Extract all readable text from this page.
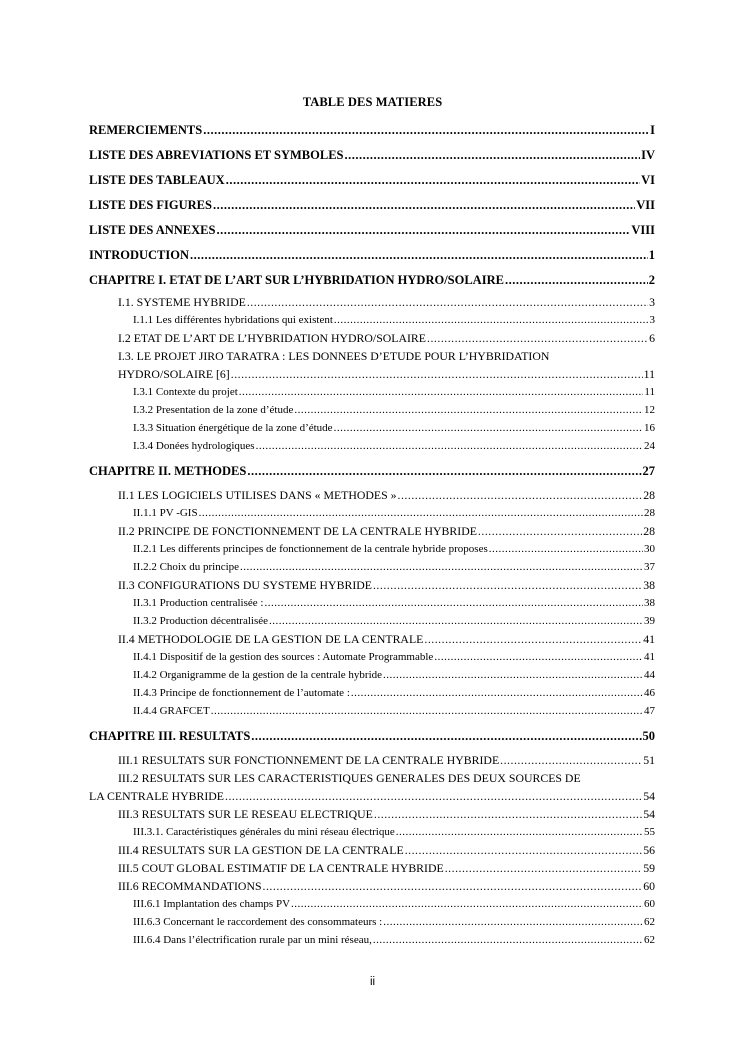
TABLE DES MATIERES
REMERCIEMENTS .....	I
LISTE DES ABREVIATIONS ET SYMBOLES .....	IV
LISTE DES TABLEAUX .....	VI
LISTE DES FIGURES .....	VII
LISTE DES ANNEXES .....	VIII
INTRODUCTION .....	1
CHAPITRE I. ETAT DE L’ART SUR L’HYBRIDATION HYDRO/SOLAIRE .....	2
I.1. SYSTEME HYBRIDE .....	3
I.1.1 Les différentes hybridations qui existent .....	3
I.2 ETAT DE L’ART DE L’HYBRIDATION HYDRO/SOLAIRE .....	6
I.3. LE PROJET JIRO TARATRA : LES DONNEES D’ETUDE POUR L’HYBRIDATION
HYDRO/SOLAIRE [6] .....	11
I.3.1 Contexte du projet .....	11
I.3.2 Presentation de la zone d’étude .....	12
I.3.3 Situation énergétique de la zone d’étude .....	16
I.3.4 Donées hydrologiques .....	24
CHAPITRE II. METHODES .....	27
II.1 LES LOGICIELS UTILISES DANS « METHODES » .....	28
II.1.1 PV -GIS .....	28
II.2 PRINCIPE DE FONCTIONNEMENT DE LA CENTRALE HYBRIDE .....	28
II.2.1 Les differents principes de fonctionnement de la centrale hybride proposes .....	30
II.2.2 Choix du principe .....	37
II.3 CONFIGURATIONS DU SYSTEME HYBRIDE .....	38
II.3.1 Production centralisée : .....	38
II.3.2 Production décentralisée .....	39
II.4 METHODOLOGIE DE LA GESTION DE LA CENTRALE .....	41
II.4.1 Dispositif de la gestion des sources : Automate Programmable .....	41
II.4.2 Organigramme de la gestion de la centrale hybride .....	44
II.4.3 Principe de fonctionnement de l’automate : .....	46
II.4.4 GRAFCET .....	47
CHAPITRE III. RESULTATS .....	50
III.1 RESULTATS SUR FONCTIONNEMENT DE LA CENTRALE HYBRIDE .....	51
III.2 RESULTATS SUR LES CARACTERISTIQUES GENERALES DES DEUX SOURCES DE
LA CENTRALE HYBRIDE .....	54
III.3 RESULTATS SUR LE RESEAU ELECTRIQUE .....	54
III.3.1. Caractéristiques générales du mini réseau électrique .....	55
III.4 RESULTATS SUR LA GESTION DE LA CENTRALE .....	56
III.5 COUT GLOBAL ESTIMATIF DE LA CENTRALE HYBRIDE .....	59
III.6 RECOMMANDATIONS .....	60
III.6.1 Implantation des champs PV .....	60
III.6.3 Concernant le raccordement des consommateurs : .....	62
III.6.4 Dans l’électrification rurale par un mini réseau, .....	62
ii
